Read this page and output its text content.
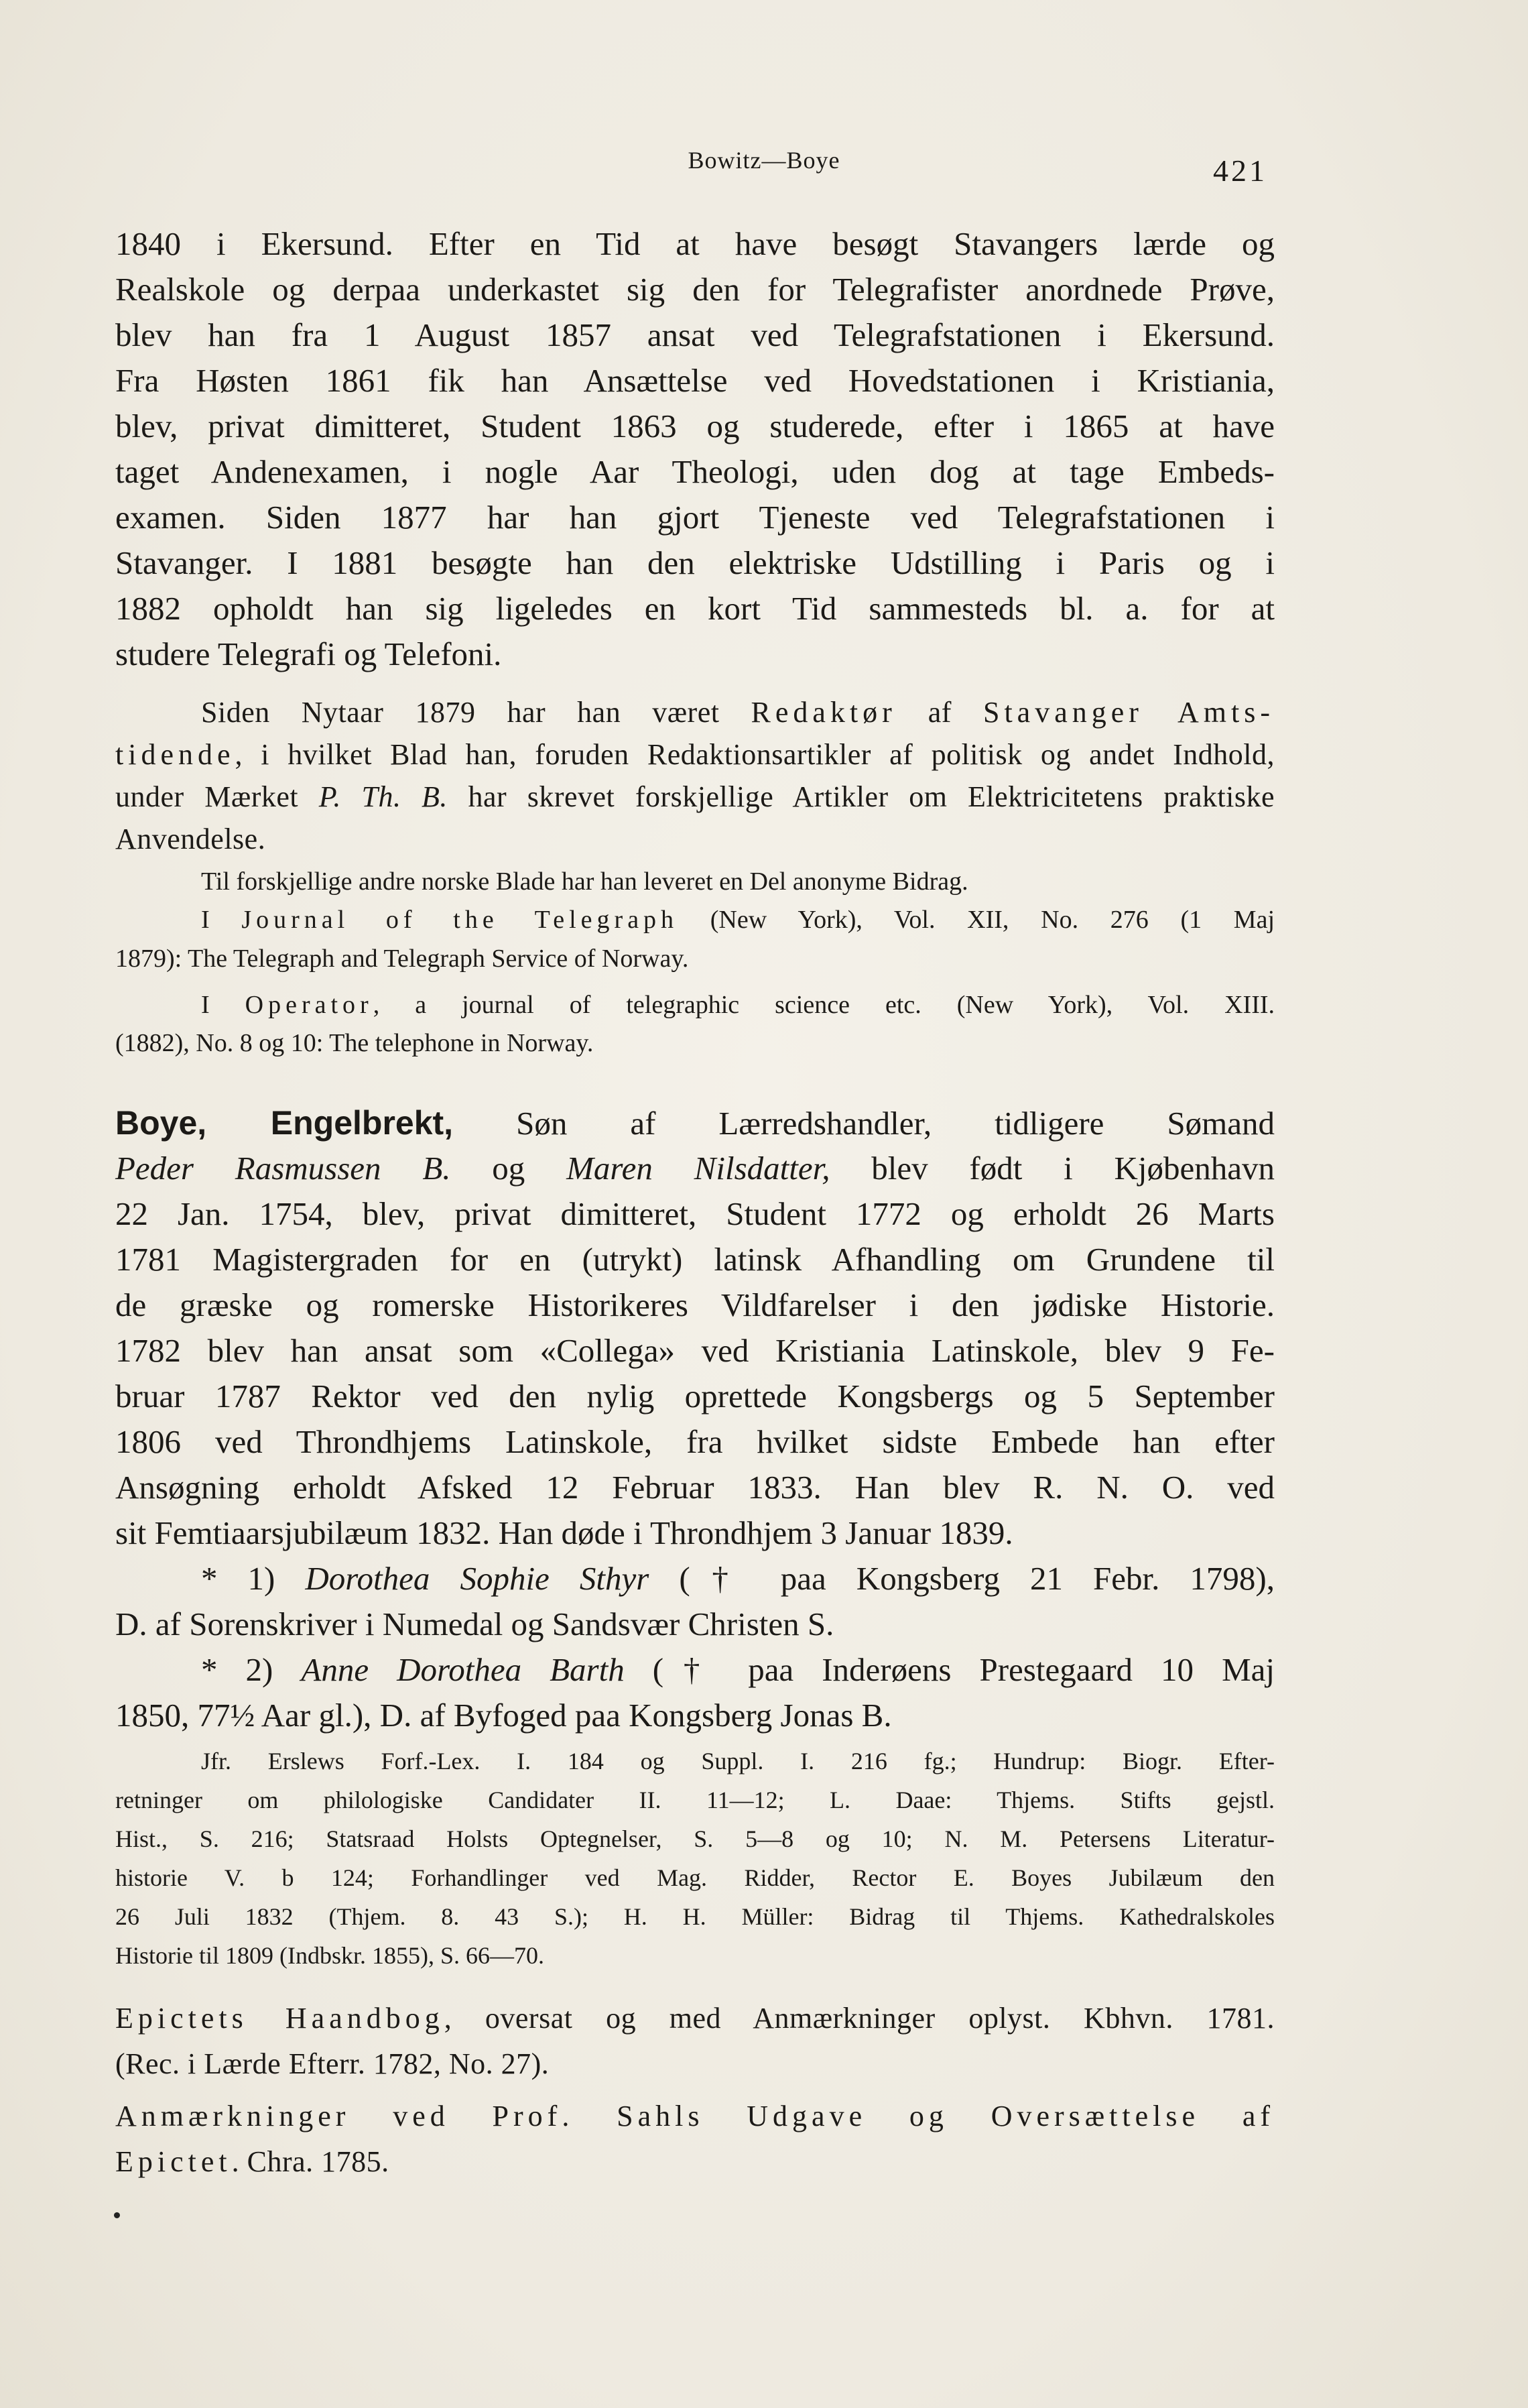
Bowitz—Boye	421
1840 i Ekersund. Efter en Tid at have besøgt Stavangers lærde og
Realskole og derpaa underkastet sig den for Telegrafister anordnede Prøve,
blev han fra 1 August 1857 ansat ved Telegrafstationen i Ekersund.
Fra Høsten 1861 fik han Ansættelse ved Hovedstationen i Kristiania,
blev, privat dimitteret, Student 1863 og studerede, efter i 1865 at have
taget Andenexamen, i nogle Aar Theologi, uden dog at tage Embeds-
examen. Siden 1877 har han gjort Tjeneste ved Telegrafstationen i
Stavanger. I 1881 besøgte han den elektriske Udstilling i Paris og i
1882 opholdt han sig ligeledes en kort Tid sammesteds bl. a. for at
studere Telegrafi og Telefoni.
Siden Nytaar 1879 har han været Redaktør af Stavanger Amts-
tidende, i hvilket Blad han, foruden Redaktionsartikler af politisk og andet Indhold,
under Mærket P. Th. B. har skrevet forskjellige Artikler om Elektricitetens praktiske
Anvendelse.
Til forskjellige andre norske Blade har han leveret en Del anonyme Bidrag.
I Journal of the Telegraph (New York), Vol. XII, No. 276 (1 Maj
1879): The Telegraph and Telegraph Service of Norway.
I Operator, a journal of telegraphic science etc. (New York), Vol. XIII.
(1882), No. 8 og 10: The telephone in Norway.
Boye, Engelbrekt, Søn af Lærredshandler, tidligere Sømand
Peder Rasmussen B. og Maren Nilsdatter, blev født i Kjøbenhavn
22 Jan. 1754, blev, privat dimitteret, Student 1772 og erholdt 26 Marts
1781 Magistergraden for en (utrykt) latinsk Afhandling om Grundene til
de græske og romerske Historikeres Vildfarelser i den jødiske Historie.
1782 blev han ansat som «Collega» ved Kristiania Latinskole, blev 9 Fe-
bruar 1787 Rektor ved den nylig oprettede Kongsbergs og 5 September
1806 ved Throndhjems Latinskole, fra hvilket sidste Embede han efter
Ansøgning erholdt Afsked 12 Februar 1833. Han blev R. N. O. ved
sit Femtiaarsjubilæum 1832. Han døde i Throndhjem 3 Januar 1839.
* 1) Dorothea Sophie Sthyr († paa Kongsberg 21 Febr. 1798),
D. af Sorenskriver i Numedal og Sandsvær Christen S.
* 2) Anne Dorothea Barth († paa Inderøens Prestegaard 10 Maj
1850, 77½ Aar gl.), D. af Byfoged paa Kongsberg Jonas B.
Jfr. Erslews Forf.-Lex. I. 184 og Suppl. I. 216 fg.; Hundrup: Biogr. Efter-
retninger om philologiske Candidater II. 11—12; L. Daae: Thjems. Stifts gejstl.
Hist., S. 216; Statsraad Holsts Optegnelser, S. 5—8 og 10; N. M. Petersens Literatur-
historie V. b 124; Forhandlinger ved Mag. Ridder, Rector E. Boyes Jubilæum den
26 Juli 1832 (Thjem. 8. 43 S.); H. H. Müller: Bidrag til Thjems. Kathedralskoles
Historie til 1809 (Indbskr. 1855), S. 66—70.
Epictets Haandbog, oversat og med Anmærkninger oplyst. Kbhvn. 1781.
(Rec. i Lærde Efterr. 1782, No. 27).
Anmærkninger ved Prof. Sahls Udgave og Oversættelse af
Epictet. Chra. 1785.
